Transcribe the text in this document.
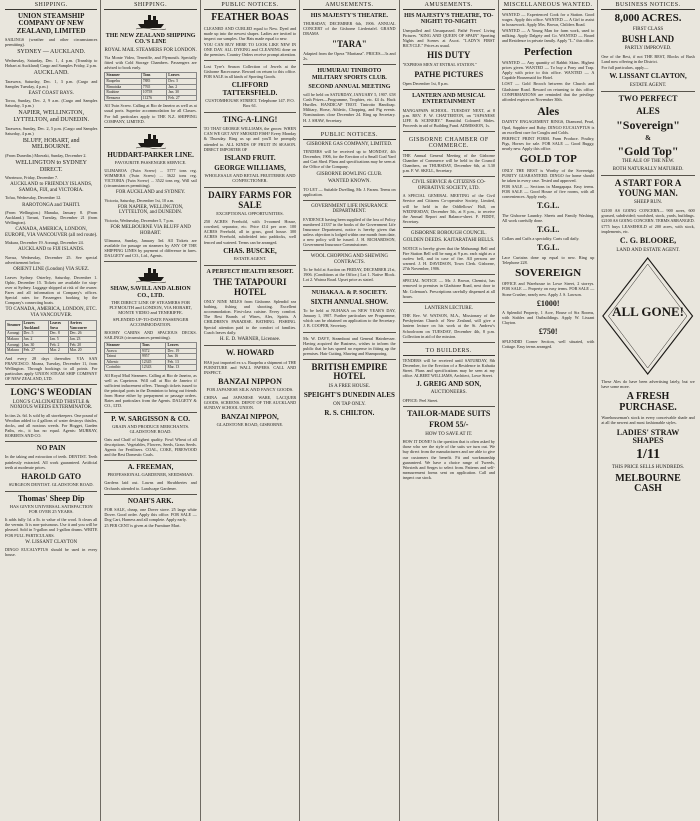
SHIPPING.
UNION STEAMSHIP COMPANY OF NEW ZEALAND, LIMITED
SAILINGS (weather and other circumstances permitting).
SYDNEY — AUCKLAND.
Wednesday, Saturday, Dec. 1, 4 p.m. (Tranship to Hobart at Auckland) Cargo and Samples Friday, 2 p.m.
AUCKLAND.
Tarawera, Saturday, Dec. 1, 3 p.m. (Cargo and Samples Tuesday, 4 p.m.)
EAST COAST BAYS.
Toroa, Sunday, Dec. 2, 9 a.m. (Cargo and Samples Saturday, 3 p.m.)
NAPIER, WELLINGTON, LYTTELTON, and DUNEDIN.
Tarawera, Sunday, Dec. 2, 5 p.m. (Cargo and Samples Saturday, 4 p.m.)
BLUFF, HOBART, and MELBOURNE.
(From Dunedin.) Moeraki, Sunday, December 2.
WELLINGTON to SYDNEY DIRECT.
Warrimoo, Friday, December 7.
AUCKLAND to FRIENDLY ISLANDS, SAMOA, FIJI, and VICTORIA.
Tofua, Wednesday, December 12.
RAROTONGA and TAHITI.
(From Wellington.) Manuka, January 8. (From Auckland.) Tavuni, Tuesday, December 21 (from Wellington).
CANADA, AMERICA, LONDON, EUROPE, VIA VANCOUVER (all red route).
Makura, December 19. Aorangi, December 24.
AUCKLAND to FIJI ISLANDS.
Navua, Wednesday, December 25. See special advertisement below.
ORIENT LINE (London) VIA SUEZ.
Leaves Sydney. Osterley, Saturday, December 1. Ophir, December 15. Tickets are available for stop-over at Sydney. Luggage shipped at risk of the owner. Fares and all information at Company's offices. Special rates for Passengers booking by the Company's connecting boats.
TO CANADA, AMERICA, LONDON, ETC. VIA VANCOUVER.
Steamer	Leaves Auckland	Leaves Suva	Arrives Vancouver
Aorangi	Dec. 5	Dec. 8	Dec. 26
Makura	Jan. 2	Jan. 5	Jan. 23
Aorangi	Jan. 30	Feb. 2	Feb. 20
Makura	Feb. 27	Mar. 2	Mar. 20
And every 28 days thereafter. VIA SAN FRANCISCO. Moana, Tuesday, December 11, from Wellington. Through bookings to all points. For particulars apply UNION STEAM SHIP COMPANY OF NEW ZEALAND, LTD.
LONG'S WEODIAN
LONG'S CALCINATED THISTLE & NOXIOUS WEEDS EXTERMINATOR.
In tins 2s. 6d. Is sold by all storekeepers. One pound of Weodian added to 4 gallons of water destroys thistles, docks, and all noxious weeds. For Hogget, Garden Paths, etc., it has no equal. Agents: MURRAY, ROBERTS AND CO.
NO PAIN
In the taking and extraction of teeth. DENTIST. Teeth painlessly extracted. All work guaranteed. Artificial teeth at moderate prices.
HAROLD GATO
SURGEON DENTIST. GLADSTONE ROAD.
Thomas' Sheep Dip
HAS GIVEN UNIVERSAL SATISFACTION FOR OVER 25 YEARS.
It adds fully 1d. a lb. to value of the wool. It clears all the vermin. It is non-poisonous. Use it and you will be pleased. Sold in 5-gallon and 1-gallon drums. WRITE FOR FULL PARTICULARS.
W. LISSANT CLAYTON
DINGO EUCALYPTUS should be used in every house.
SHIPPING.
THE NEW ZEALAND SHIPPING CO.'S LINE
ROYAL MAIL STEAMERS FOR LONDON.
Via Monte Video, Teneriffe, and Plymouth. Specially fitted with Cold Storage Chambers. Passengers are advised to book early.
Steamer	Tons	Leaves
Ruapehu	7885	Dec. 5
Rimutaka	7765	Jan. 2
Ruahine	10758	Jan. 30
Remuera	11276	Feb. 27
All Twin Screw. Calling at Rio de Janeiro as well as at usual ports. Superior accommodation for all Classes. For full particulars apply to THE N.Z. SHIPPING COMPANY, LIMITED.
HUDDART-PARKER LINE.
FAVOURITE PASSENGER SERVICE.
ULIMAROA (Twin Screw) ... 5777 tons reg. WIMMERA (Twin Screw) ... 3622 tons reg. VICTORIA (Twin Screw) ... 3522 tons reg. Will sail (circumstances permitting).
FOR AUCKLAND and SYDNEY.
Victoria, Saturday, December 1st, 10 a.m.
FOR NAPIER, WELLINGTON, LYTTELTON, and DUNEDIN.
Victoria, Wednesday, December 5, 7 p.m.
FOR MELBOURNE VIA BLUFF AND HOBART.
Ulimaroa, Sunday, January 3rd. All Tickets are available for passage on steamers by ANY OF THE SHIPPING LINES by payment of difference in fares. DALGETY and CO., Ltd., Agents.
SHAW, SAVILL AND ALBION CO., LTD.
THE DIRECT LINE OF STEAMERS FOR PLYMOUTH and LONDON, VIA HOBART, MONTE VIDEO and TENERIFFE.
SPLENDID UP-TO-DATE PASSENGER ACCOMMODATION.
ROOMY CABINS AND SPACIOUS DECKS. SAILINGS (circumstances permitting).
Steamer	Tons	Leaves
Arawa	9372	Dec. 19
Tainui	9957	Jan. 16
Athenic	12345	Feb. 13
Corinthic	12343	Mar. 13
All Royal Mail Steamers. Calling at Rio de Janeiro, as well as Capetown. Will call at Rio de Janeiro if sufficient inducement offers. Through tickets issued to the principal ports in the Dominion to bring out friends from Home either by prepayment or passage orders. Rates and particulars from the Agents. DALGETY & CO., LTD.
P. W. SARGISSON & CO.
GRAIN AND PRODUCE MERCHANTS. GLADSTONE ROAD.
Oats and Chaff of highest quality. Fowl Wheat of all descriptions. Vegetables, Flowers, Seeds, Grass Seeds. Agents for Fertilisers. COAL, COKE, FIREWOOD and the Best Domestic Coals.
A. FREEMAN,
PROFESSIONAL GARDENER, SEEDSMAN.
Gardens laid out. Lawns and Shrubberies and Orchards attended to. Landscape Gardener.
NOAH'S ARK.
FOR SALE, cheap, one Dover stove. 25 large white Dover. Good order. Apply this office. FOR SALE — Dog Cart, Harness and all complete. Apply early.
25 PER CENT is given at the Furniture Mart.
PUBLIC NOTICES.
FEATHER BOAS
CLEANED AND CURLED equal to New. Dyed and made up into the newest shapes. Ladies are invited to inspect our samples. Our Hats made equal to new.
YOU CAN BUY HERE TO LOOK LIKE NEW IN ONE DAY. ALL DYEING and CLEANING done on the premises. Country Orders receive prompt attention.
Lost Tyre's Season Collection of Jewels at the Gisborne Racecourse. Reward on return to this office. FOR SALE in all kinds of Sporting Goods.
CLIFFORD TATTERSFIELD.
CUSTOMHOUSE STREET. Telephone 147. P.O. Box 61.
TING-A-LING!
TO THAT GEORGE WILLIAMS, the grocer. WHEN CAN WE GET ANY SMOKED FISH? Every Monday & Thursday. Ring us up and you'll be promptly attended to. ALL KINDS OF FRUIT IN SEASON. DIRECT IMPORTER OF
ISLAND FRUIT.
GEORGE WILLIAMS,
WHOLESALE AND RETAIL FRUITERER AND CONFECTIONER.
DAIRY FARMS FOR SALE
EXCEPTIONAL OPPORTUNITIES.
250 ACRES Freehold, with 3-roomed House, cowshed, separator, etc. Price £14 per acre. 100 ACRES Freehold, all in grass, good house. 300 ACRES Freehold, subdivided into paddocks, well fenced and watered. Terms can be arranged.
CHAS. BUSCKE,
ESTATE AGENT.
A PERFECT HEALTH RESORT.
THE TATAPOURI HOTEL
ONLY NINE MILES from Gisborne. Splendid sea bathing, fishing and shooting. Excellent accommodation. First-class cuisine. Every comfort. The Best Brands of Wines, Ales, Spirits. A CHILDREN'S PARADISE. BATHING. FISHING. Special attention paid to the comfort of families. Coach leaves daily.
H. E. D. WARNER, Licensee.
W. HOWARD
HAS just imported ex s.s. Ruapehu a shipment of THE FURNITURE and WALL PAPERS. CALL AND INSPECT.
BANZAI NIPPON
FOR JAPANESE SILK AND FANCY GOODS.
CHINA and JAPANESE WARE, LACQUER GOODS, SCREENS. DEPOT OF THE AUCKLAND SUNDAY SCHOOL UNION.
BANZAI NIPPON,
GLADSTONE ROAD, GISBORNE.
AMUSEMENTS.
HIS MAJESTY'S THEATRE.
THURSDAY, DECEMBER 6th, 1906. ANNUAL CONCERT of the Gisborne Liedertafel. GRAND DRAMA
"TARA"
Adapted from the Opera "Maritana". PRICES—3s and 2s.
HUMURAU TINIROTO MILITARY SPORTS CLUB.
SECOND ANNUAL MEETING
will be held on SATURDAY, JANUARY 5, 1907. £58 Cash Prizes—Programme, Trophies, etc. £4 4s. Hack Hurdles. HANDICAP TROT. Tinirotto Handicap. Military, Horse, Athletic, Chopping, and Pig events. Nominations close December 24. Ring up Secretary. H. J. SHAW, Secretary.
PUBLIC NOTICES.
GISBORNE GAS COMPANY, LIMITED.
TENDERS will be received up to MONDAY, 4th December, 1906, for the Erection of a Small Coal Yard and Cart Shed. Plans and specifications may be seen at the Office of the Company.
GISBORNE BOWLING CLUB.
WANTED KNOWN.
TO LET — Suitable Dwelling, Mr. J. Faram. Terms on application.
GOVERNMENT LIFE INSURANCE DEPARTMENT.
EVIDENCE having been supplied of the loss of Policy numbered 21337 in the books of the Government Life Insurance Department, notice is hereby given that unless objection is lodged within one month from date, a new policy will be issued. J. H. RICHARDSON, Government Insurance Commissioner.
WOOL CHOPPING AND SHEWING CONTRACTS.
To be Sold at Auction on FRIDAY, DECEMBER 21st, 1906. (Conditions at the Office.) Lot 1. Native Block. Lot 2. Wairoa Road. Upset price as stated.
NUHAKA A. & P. SOCIETY.
SIXTH ANNUAL SHOW.
To be held at NUHAKA on NEW YEAR'S DAY, January 1, 1907. Further particulars see Programme, which can be obtained on application to the Secretary. J. B. COOPER, Secretary.
Mr. W. DAVY, Steamboat and General Hairdresser. Having acquired the Business, wishes to inform the public that he has spared no expense in fitting up the premises. Hair Cutting, Shaving and Shampooing.
BRITISH EMPIRE HOTEL
IS A FREE HOUSE.
SPEIGHT'S DUNEDIN ALES
ON TAP ONLY.
R. S. CHILTON.
AMUSEMENTS.
HIS MAJESTY'S THEATRE, TO-NIGHT! TO-NIGHT!
Unequalled and Unsurpassed. Pathé Freres' Living Pictures. "KING AND QUEEN OF SPAIN" Sporting Nights and Scenes at Ascot. "LADY'S FIRST BICYCLE." Prices as usual.
HIS DUTY
"EXPRESS MEN AT ENTRAL STATION."
PATHE PICTURES
Open December 1st, 8 p.m.
LANTERN AND MUSICAL ENTERTAINMENT
MANGAPAPA SCHOOL. TUESDAY NEXT, at 8 p.m. REV. F. W. CHATTERTON, on "JAPANESE LIFE & SCENERY." Beautiful Coloured Slides. Proceeds in aid of Building Fund. ADMISSION, 1s.
GISBORNE CHAMBER OF COMMERCE.
THE Annual General Meeting of the Gisborne Chamber of Commerce will be held in the Council Chambers, on THURSDAY, December 6th, at 3.30 p.m. F. W. SKELL, Secretary.
CIVIL SERVICE & CITIZENS CO-OPERATIVE SOCIETY, LTD.
A SPECIAL GENERAL MEETING of the Civil Service and Citizens Co-operative Society, Limited, will be held in the Oddfellows' Hall, on WEDNESDAY, December 5th, at 8 p.m., to receive the Annual Report and Balance-sheet. F. FIDDY, Secretary.
GISBORNE BOROUGH COUNCIL.
GOLDEN DEEDS. KAITARATAHI BELLS.
NOTICE is hereby given that the Mahurangi Bell and Fire Station Bell will be rung at 9 p.m. each night as a curfew bell, and in case of fire. All persons are warned. J. H. DAVIDSON, Town Clerk. Gisborne, 27th November, 1906.
SPECIAL NOTICE — Mr. J. Brown, Chemist, has removed to premises in Gladstone Road, next door to Mr. Coleman's. Prescriptions carefully dispensed at all hours.
LANTERN LECTURE.
THE Rev. W. WATSON, M.A., Missionary of the Presbyterian Church of New Zealand, will give a lantern lecture on his work at the St. Andrew's Schoolroom on TUESDAY, December 4th, 8 p.m. Collection in aid of the mission.
TO BUILDERS.
TENDERS will be received until SATURDAY, 8th December, for the Erection of a Residence in Kahutia Street. Plans and specifications may be seen at my office. ALBERT WILLIAMS, Architect, Lowe Street.
J. GREIG AND SON,
AUCTIONEERS.
OFFICE: Peel Street.
TAILOR-MADE SUITS
FROM 55/-
HOW TO SAVE AT IT.
HOW IT DONE? Is the question that is often asked by those who see the style of the suits we turn out. We buy direct from the manufacturers and are able to give our customers the benefit. Fit and workmanship guaranteed. We have a choice range of Tweeds, Worsteds and Serges to select from. Patterns and self-measurement forms sent on application. Call and inspect our stock.
MISCELLANEOUS WANTED.
WANTED — Experienced Cook for a Station. Good wages. Apply this office. WANTED — A Girl to assist in housework. Apply Mrs. Brown, Childers Road.
WANTED — A Young Man for farm work, used to milking. Apply Dalgety and Co. WANTED — Board and Residence in private family. Apply "L." this office.
Perfection
WANTED — Any quantity of Rabbit Skins. Highest prices given. WANTED — To buy a Pony and Trap. Apply with price to this office. WANTED — A Capable Housemaid for Hotel.
LOST — Gold Brooch between the Church and Gladstone Road. Reward on returning to this office. CONFIRMATIONS are reminded that the privilege afforded expires on November 30th.
Ales
DAINTY ENGAGEMENT RINGS, Diamond, Pearl, Opal, Sapphire and Ruby. DINGO EUCALYPTUS is an excellent cure for Coughs and Colds.
PERFECT PRINT FORM. Farm Produce. Poultry, Pigs, Horses for sale. FOR SALE — Good Buggy, nearly new. Apply this office.
GOLD TOP
ONLY THE BEST is Worthy of the Sovereign. PURITY GUARANTEED. DINGO for home should be taken in every case. Tested and approved.
FOR SALE — Sections in Mangapapa. Easy terms. FOR SALE — Good House of five rooms, with all conveniences. Apply early.
T.G.L.
The Gisborne Laundry. Sheets and Family Washing. All work carefully done.
T.G.L.
Collars and Cuffs a speciality. Carts call daily.
T.G.L.
Lace Curtains done up equal to new. Ring up Telephone 228.
SOVEREIGN
OFFICE and Warehouse in Lowe Street, 2 storeys. FOR SALE — Property on easy terms. FOR SALE — Stone Crusher, nearly new. Apply J. S. Lawson.
£1000!
A Splendid Property, 1 Acre, House of Six Rooms, with Stables and Outbuildings. Apply W. Lissant Clayton.
£750!
SPLENDID Corner Section, well situated, with Cottage. Easy terms arranged.
BUSINESS NOTICES.
8,000 ACRES.
FIRST CLASS
BUSH LAND
PARTLY IMPROVED.
One of the Best, if not THE BEST, Blocks of Bush Land now offering in the District.
For full particulars, apply—
W. LISSANT CLAYTON,
ESTATE AGENT.
TWO PERFECT
ALES
"Sovereign"
&
"Gold Top"
THE ALE OF THE NEW.
BOTH NATURALLY MATURED.
A START FOR A YOUNG MAN.
SHEEP RUN.
£2100 AS GOING CONCERN— 900 acres, 600 grassed, subdivided; woolshed, stock, yards, buildings. £2100 AS GOING CONCERN. TERMS ARRANGED.
£775 buys LEASEHOLD of 200 acres, with stock, implements, etc.
C. G. BLOORE,
LAND AND ESTATE AGENT.
ALL GONE!
These Ales do have been advertising lately, but we have some more.
A FRESH PURCHASE.
Warehouseman's stock in every conceivable shade and at all the newest and most fashionable styles.
LADIES' STRAW SHAPES
1/11
THIS PRICE SELLS HUNDREDS.
MELBOURNE CASH
